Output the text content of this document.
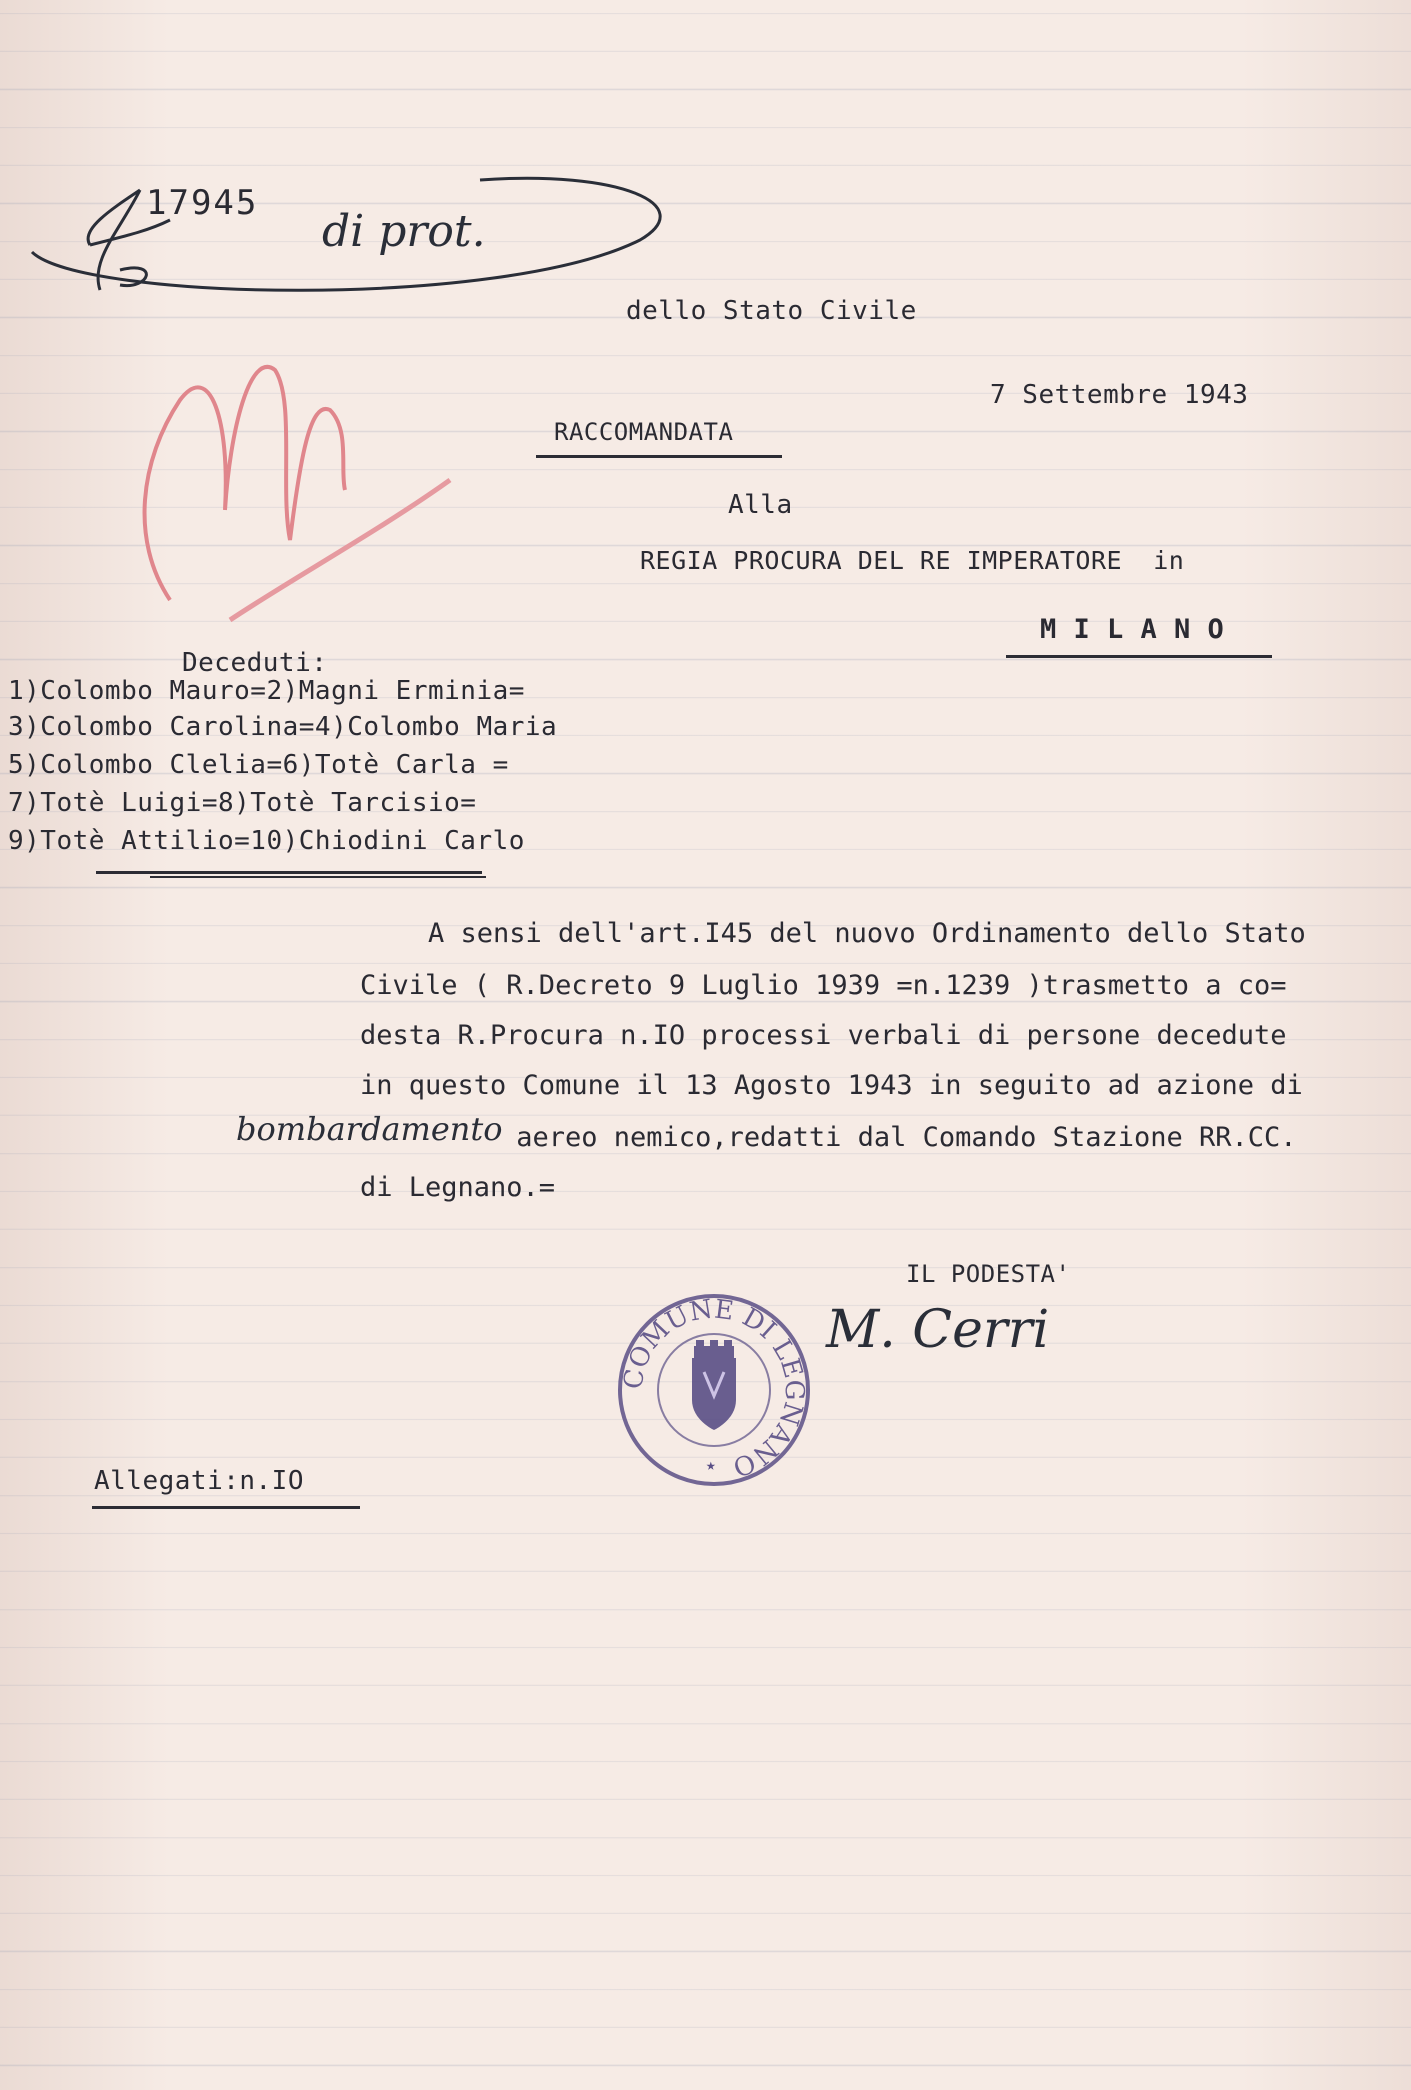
17945
di prot.
dello Stato Civile
7 Settembre 1943
RACCOMANDATA
Alla
REGIA PROCURA DEL RE IMPERATORE  in
M I L A N O
Deceduti:
1)Colombo Mauro=2)Magni Erminia=
3)Colombo Carolina=4)Colombo Maria
5)Colombo Clelia=6)Totè Carla =
7)Totè Luigi=8)Totè Tarcisio=
9)Totè Attilio=10)Chiodini Carlo
A sensi dell'art.I45 del nuovo Ordinamento dello Stato
Civile ( R.Decreto 9 Luglio 1939 =n.1239 )trasmetto a co=
desta R.Procura n.IO processi verbali di persone decedute
in questo Comune il 13 Agosto 1943 in seguito ad azione di
bombardamento
aereo nemico,redatti dal Comando Stazione RR.CC.
di Legnano.=
IL PODESTA'
M. Cerri
COMUNE DI LEGNANO
★
Allegati:n.IO
